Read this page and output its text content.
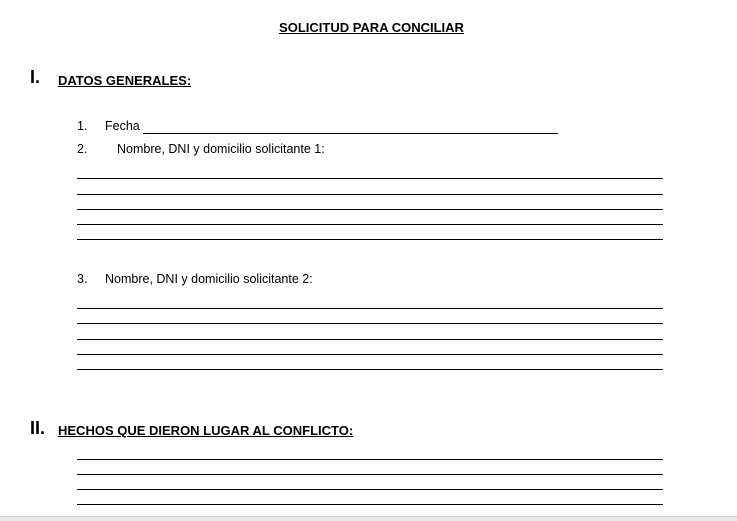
SOLICITUD PARA CONCILIAR
I. DATOS GENERALES:
1. Fecha
2. Nombre, DNI y domicilio solicitante 1:
3. Nombre, DNI y domicilio solicitante 2:
II. HECHOS QUE DIERON LUGAR AL CONFLICTO:
